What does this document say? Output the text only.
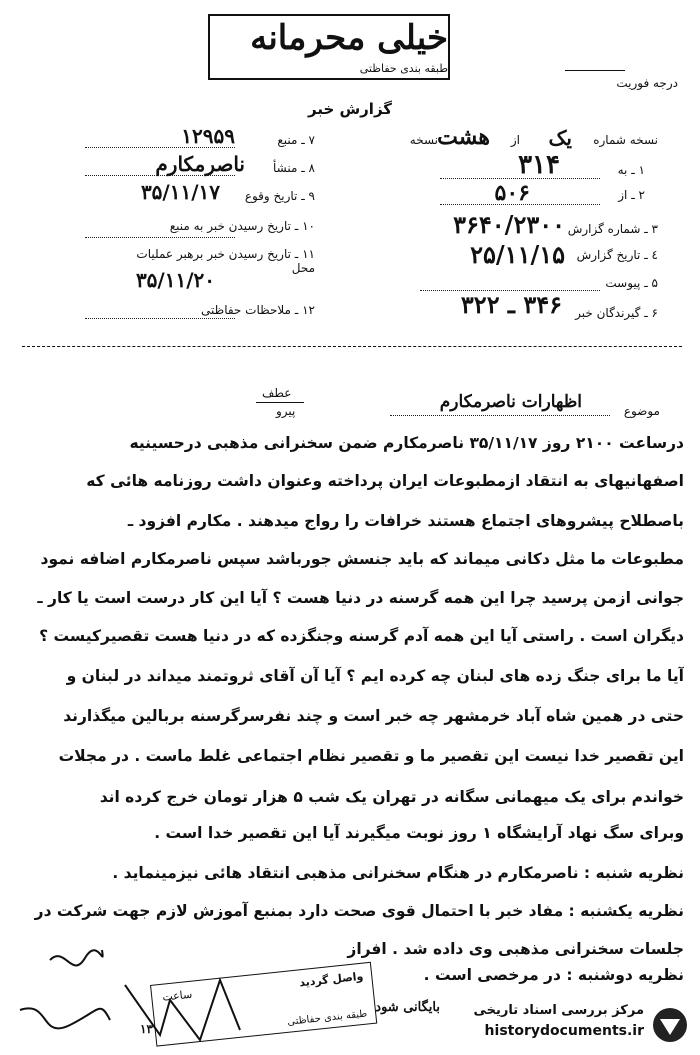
خیلی محرمانه
طبقه بندی حفاظتی
درجه فوریت
گزارش خبر
نسخه شماره
یک
از
هشت
نسخه
۱ ـ به
۳۱۴
۲ ـ از
۵۰۶
۳ ـ شماره گزارش
۳۶۴۰/۲۳۰۰
٤ ـ تاریخ گزارش
۲۵/۱۱/۱۵
۵ ـ پیوست
۶ ـ گیرندگان خبر
۳۴۶ ـ ۳۲۲
۷ ـ منبع
۱۲۹۵۹
۸ ـ منشأ
ناصرمکارم
۹ ـ تاریخ وقوع
۳۵/۱۱/۱۷
۱۰ ـ تاریخ رسیدن خبر به منبع
۱۱ ـ تاریخ رسیدن خبر برهبر عملیات محل
۳۵/۱۱/۲۰
۱۲ ـ ملاحظات حفاظتی
عطف
پیرو	موضوع
اظهارات ناصرمکارم
درساعت ۲۱۰۰ روز ۳۵/۱۱/۱۷ ناصرمکارم ضمن سخنرانی مذهبی درحسینیه
اصفهانیهای به انتقاد ازمطبوعات ایران پرداخته وعنوان داشت روزنامه هائی که
باصطلاح پیشروهای اجتماع هستند خرافات را رواج میدهند . مکارم افزود ـ
مطبوعات ما مثل دکانی میماند که باید جنسش جورباشد سپس ناصرمکارم اضافه نمود
جوانی ازمن پرسید چرا این همه گرسنه در دنیا هست ؟ آیا این کار درست است یا کار ـ
دیگران است . راستی آیا این همه آدم گرسنه وجنگزده که در دنیا هست تقصیرکیست ؟
آیا ما برای جنگ زده های لبنان چه کرده ایم ؟ آیا آن آقای ثروتمند میداند در لبنان و
حتی در همین شاه آباد خرمشهر چه خبر است و چند نفرسرگرسنه بربالین میگذارند
این تقصیر خدا نیست این تقصیر ما و تقصیر نظام اجتماعی غلط ماست . در مجلات
خواندم برای یک میهمانی سگانه در تهران یک شب ۵ هزار تومان خرج کرده اند
وبرای سگ نهاد آرایشگاه ۱ روز نوبت میگیرند آیا این تقصیر خدا است .
نظریه شنبه : ناصرمکارم در هنگام سخنرانی مذهبی انتقاد هائی نیزمینماید .
نظریه یکشنبه : مفاد خبر با احتمال قوی صحت دارد بمنبع آموزش لازم جهت شرکت در
جلسات سخنرانی مذهبی وی داده شد . افراز
نظریه دوشنبه : در مرخصی است .
واصل گردید
ساعت
طبقه بندی حفاظتی
بایگانی شود
۱۳
مرکز بررسی اسناد تاریخی
historydocuments.ir
